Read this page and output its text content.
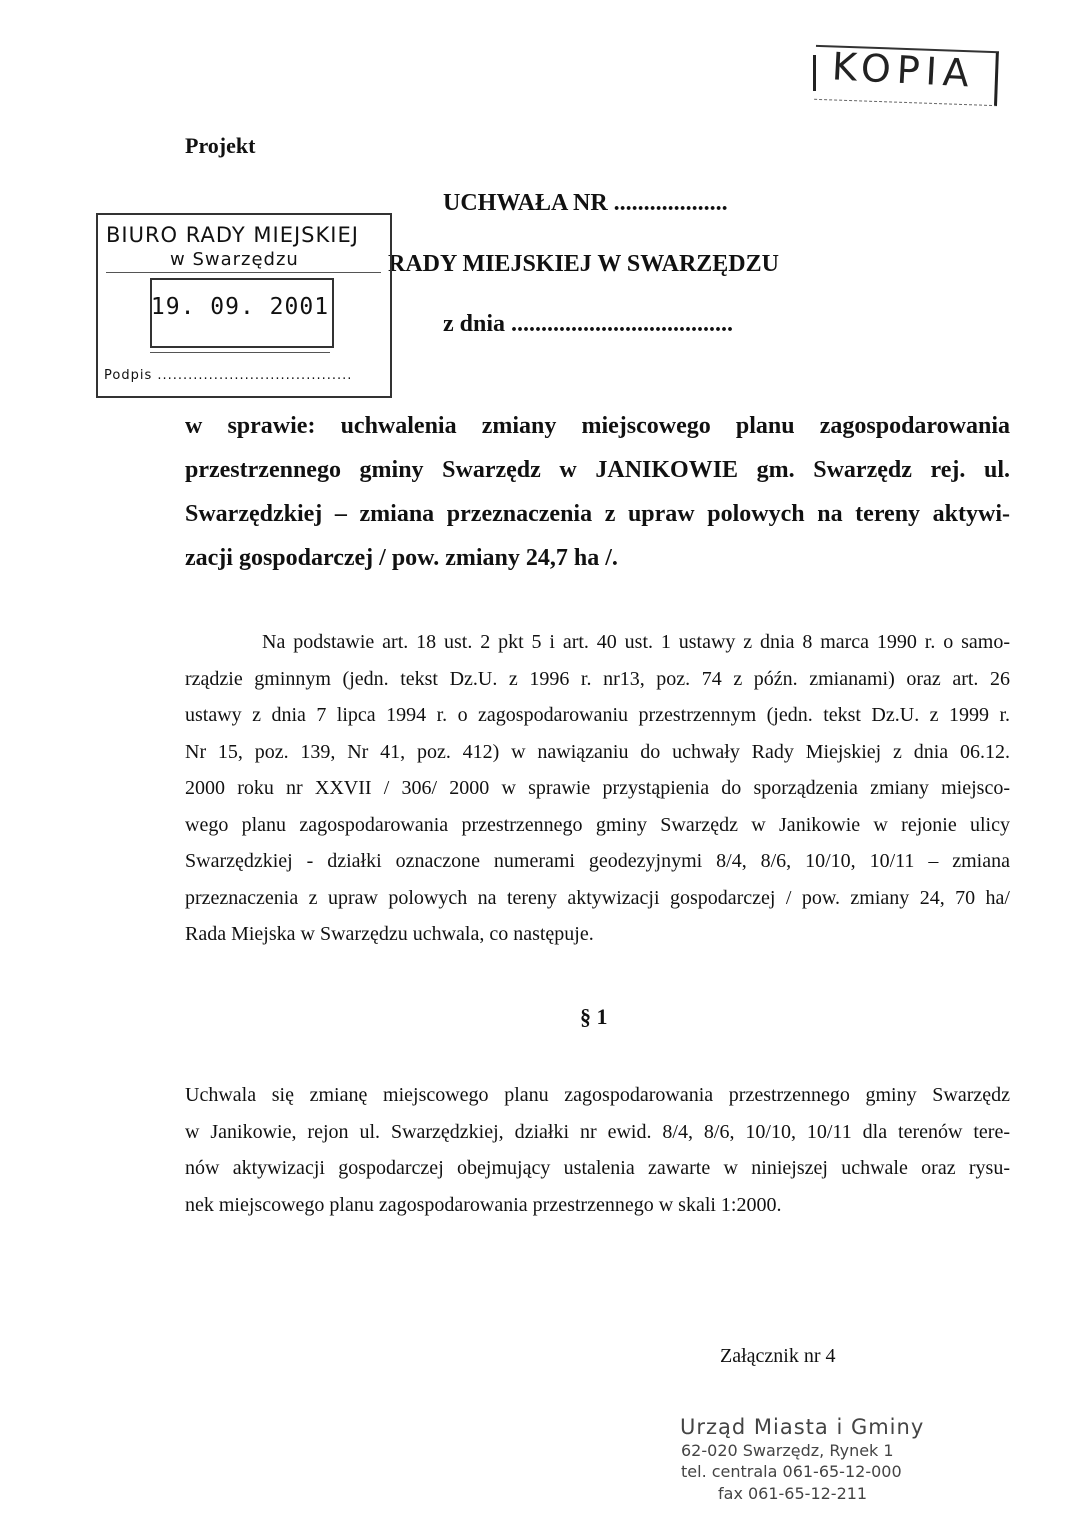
KOPIA
Projekt
UCHWAŁA NR ...................
RADY MIEJSKIEJ W SWARZĘDZU
z dnia .....................................
BIURO RADY MIEJSKIEJ
w Swarzędzu
19. 09. 2001
Podpis ......................................
w sprawie: uchwalenia zmiany miejscowego planu zagospodarowania
przestrzennego gminy Swarzędz w JANIKOWIE gm. Swarzędz rej. ul.
Swarzędzkiej – zmiana przeznaczenia z upraw polowych na tereny aktywi-
zacji gospodarczej / pow. zmiany 24,7 ha /.
Na podstawie art. 18 ust. 2 pkt 5 i art. 40 ust. 1 ustawy z dnia 8 marca 1990 r. o samo-
rządzie gminnym (jedn. tekst Dz.U. z 1996 r. nr13, poz. 74 z późn. zmianami) oraz art. 26
ustawy z dnia 7 lipca 1994 r. o zagospodarowaniu przestrzennym (jedn. tekst Dz.U. z 1999 r.
Nr 15, poz. 139, Nr 41, poz. 412) w nawiązaniu do uchwały Rady Miejskiej z dnia 06.12.
2000 roku nr XXVII / 306/ 2000 w sprawie przystąpienia do sporządzenia zmiany miejsco-
wego planu zagospodarowania przestrzennego gminy Swarzędz w Janikowie w rejonie ulicy
Swarzędzkiej - działki oznaczone numerami geodezyjnymi 8/4, 8/6, 10/10, 10/11 – zmiana
przeznaczenia z upraw polowych na tereny aktywizacji gospodarczej / pow. zmiany 24, 70 ha/
Rada Miejska w Swarzędzu uchwala, co następuje.
§ 1
Uchwala się zmianę miejscowego planu zagospodarowania przestrzennego gminy Swarzędz
w Janikowie, rejon ul. Swarzędzkiej, działki nr ewid. 8/4, 8/6, 10/10, 10/11 dla terenów tere-
nów aktywizacji gospodarczej obejmujący ustalenia zawarte w niniejszej uchwale oraz rysu-
nek miejscowego planu zagospodarowania przestrzennego w skali 1:2000.
Załącznik nr 4
Urząd Miasta i Gminy
62-020 Swarzędz, Rynek 1
tel. centrala 061-65-12-000
fax 061-65-12-211
